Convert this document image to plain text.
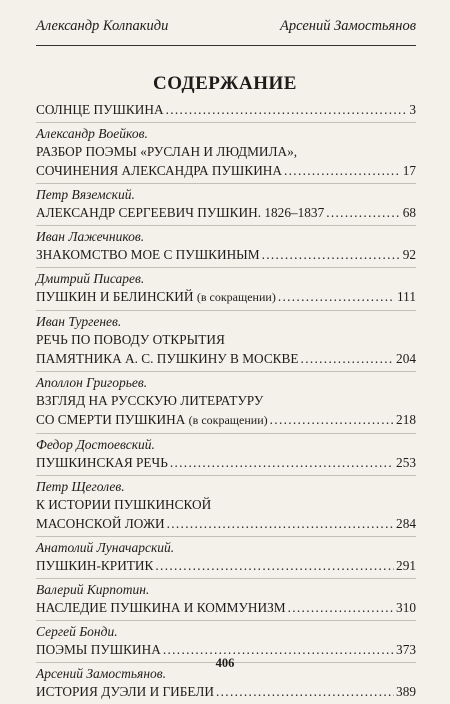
Александр Колпакиди	Арсений Замостьянов
СОДЕРЖАНИЕ
СОЛНЦЕ ПУШКИНА . . .	3
Александр Воейков.
РАЗБОР ПОЭМЫ «РУСЛАН И ЛЮДМИЛА»,
СОЧИНЕНИЯ АЛЕКСАНДРА ПУШКИНА . . .	17
Петр Вяземский.
АЛЕКСАНДР СЕРГЕЕВИЧ ПУШКИН. 1826–1837 . . .	68
Иван Лажечников.
ЗНАКОМСТВО МОЕ С ПУШКИНЫМ . . .	92
Дмитрий Писарев.
ПУШКИН И БЕЛИНСКИЙ (в сокращении) . . .	111
Иван Тургенев.
РЕЧЬ ПО ПОВОДУ ОТКРЫТИЯ
ПАМЯТНИКА А. С. ПУШКИНУ В МОСКВЕ . . .	204
Аполлон Григорьев.
ВЗГЛЯД НА РУССКУЮ ЛИТЕРАТУРУ
СО СМЕРТИ ПУШКИНА (в сокращении) . . .	218
Федор Достоевский.
ПУШКИНСКАЯ РЕЧЬ . . .	253
Петр Щеголев.
К ИСТОРИИ ПУШКИНСКОЙ
МАСОНСКОЙ ЛОЖИ . . .	284
Анатолий Луначарский.
ПУШКИН-КРИТИК . . .	291
Валерий Кирпотин.
НАСЛЕДИЕ ПУШКИНА И КОММУНИЗМ . . .	310
Сергей Бонди.
ПОЭМЫ ПУШКИНА . . .	373
Арсений Замостьянов.
ИСТОРИЯ ДУЭЛИ И ГИБЕЛИ . . .	389
406
